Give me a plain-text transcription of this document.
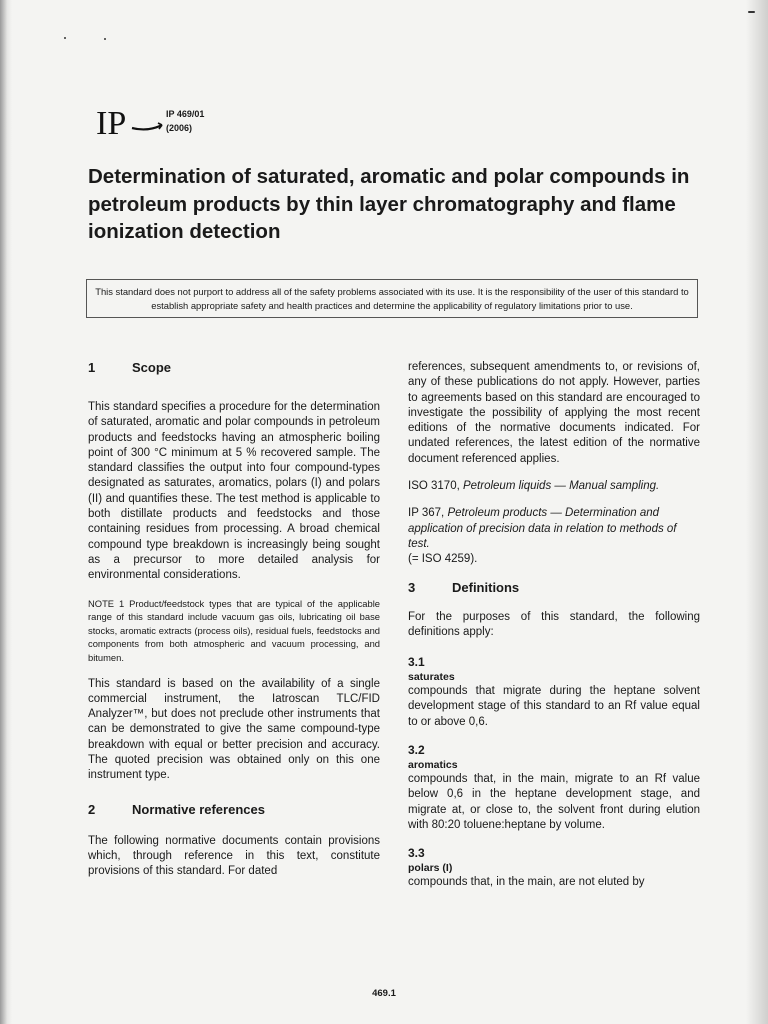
IP	IP 469/01
(2006)
Determination of saturated, aromatic and polar compounds in petroleum products by thin layer chromatography and flame ionization detection
This standard does not purport to address all of the safety problems associated with its use. It is the responsibility of the user of this standard to establish appropriate safety and health practices and determine the applicability of regulatory limitations prior to use.
1	Scope

This standard specifies a procedure for the determination of saturated, aromatic and polar compounds in petroleum products and feedstocks having an atmospheric boiling point of 300 °C minimum at 5 % recovered sample. The standard classifies the output into four compound-types designated as saturates, aromatics, polars (I) and polars (II) and quantifies these. The test method is applicable to both distillate products and feedstocks and those containing residues from processing. A broad chemical compound type breakdown is increasingly being sought as a precursor to more detailed analysis for environmental considerations.

NOTE 1 Product/feedstock types that are typical of the applicable range of this standard include vacuum gas oils, lubricating oil base stocks, aromatic extracts (process oils), residual fuels, feedstocks and components from both atmospheric and vacuum processing, and bitumen.

This standard is based on the availability of a single commercial instrument, the Iatroscan TLC/FID Analyzer™, but does not preclude other instruments that can be demonstrated to give the same compound-type breakdown with equal or better precision and accuracy. The quoted precision was obtained only on this one instrument type.

2	Normative references

The following normative documents contain provisions which, through reference in this text, constitute provisions of this standard. For dated

references, subsequent amendments to, or revisions of, any of these publications do not apply. However, parties to agreements based on this standard are encouraged to investigate the possibility of applying the most recent editions of the normative documents indicated. For undated references, the latest edition of the normative document referenced applies.

ISO 3170, Petroleum liquids — Manual sampling.

IP 367, Petroleum products — Determination and application of precision data in relation to methods of test.

(= ISO 4259).

3	Definitions

For the purposes of this standard, the following definitions apply:

3.1

saturates

compounds that migrate during the heptane solvent development stage of this standard to an Rf value equal to or above 0,6.

3.2

aromatics

compounds that, in the main, migrate to an Rf value below 0,6 in the heptane development stage, and migrate at, or close to, the solvent front during elution with 80:20 toluene:heptane by volume.

3.3

polars (I)

compounds that, in the main, are not eluted by

469.1
